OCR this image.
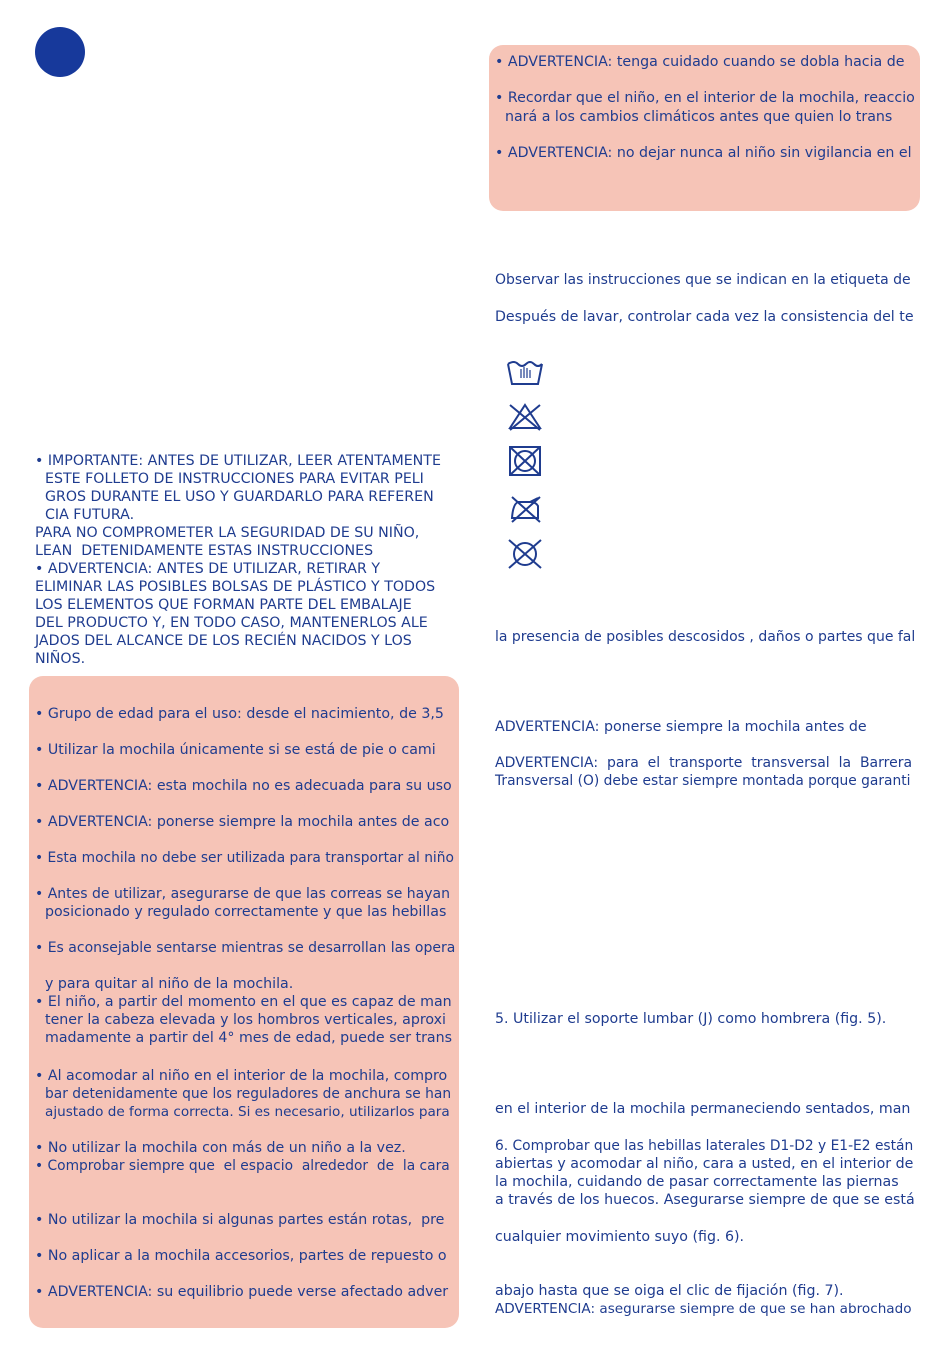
• ADVERTENCIA: tenga cuidado cuando se dobla hacia de
• Recordar que el niño, en el interior de la mochila, reaccio
nará a los cambios climáticos antes que quien lo trans
• ADVERTENCIA: no dejar nunca al niño sin vigilancia en el
Observar las instrucciones que se indican en la etiqueta de
Después de lavar, controlar cada vez la consistencia del te
la presencia de posibles descosidos , daños o partes que fal
ADVERTENCIA: ponerse siempre la mochila antes de
ADVERTENCIA:  para  el  transporte  transversal  la  Barrera
Transversal (O) debe estar siempre montada porque garanti
5. Utilizar el soporte lumbar (J) como hombrera (fig. 5).
en el interior de la mochila permaneciendo sentados, man
6. Comprobar que las hebillas laterales D1-D2 y E1-E2 están
abiertas y acomodar al niño, cara a usted, en el interior de
la mochila, cuidando de pasar correctamente las piernas
a través de los huecos. Asegurarse siempre de que se está
cualquier movimiento suyo (fig. 6).
abajo hasta que se oiga el clic de fijación (fig. 7).
ADVERTENCIA: asegurarse siempre de que se han abrochado
• IMPORTANTE: ANTES DE UTILIZAR, LEER ATENTAMENTE
ESTE FOLLETO DE INSTRUCCIONES PARA EVITAR PELI
GROS DURANTE EL USO Y GUARDARLO PARA REFEREN
CIA FUTURA.
PARA NO COMPROMETER LA SEGURIDAD DE SU NIÑO,
LEAN  DETENIDAMENTE ESTAS INSTRUCCIONES
• ADVERTENCIA: ANTES DE UTILIZAR, RETIRAR Y
ELIMINAR LAS POSIBLES BOLSAS DE PLÁSTICO Y TODOS
LOS ELEMENTOS QUE FORMAN PARTE DEL EMBALAJE
DEL PRODUCTO Y, EN TODO CASO, MANTENERLOS ALE
JADOS DEL ALCANCE DE LOS RECIÉN NACIDOS Y LOS
NIÑOS.
• Grupo de edad para el uso: desde el nacimiento, de 3,5
• Utilizar la mochila únicamente si se está de pie o cami
• ADVERTENCIA: esta mochila no es adecuada para su uso
• ADVERTENCIA: ponerse siempre la mochila antes de aco
• Esta mochila no debe ser utilizada para transportar al niño
• Antes de utilizar, asegurarse de que las correas se hayan
posicionado y regulado correctamente y que las hebillas
• Es aconsejable sentarse mientras se desarrollan las opera
y para quitar al niño de la mochila.
• El niño, a partir del momento en el que es capaz de man
tener la cabeza elevada y los hombros verticales, aproxi
madamente a partir del 4° mes de edad, puede ser trans
• Al acomodar al niño en el interior de la mochila, compro
bar detenidamente que los reguladores de anchura se han
ajustado de forma correcta. Si es necesario, utilizarlos para
• No utilizar la mochila con más de un niño a la vez.
• Comprobar siempre que  el espacio  alrededor  de  la cara
• No utilizar la mochila si algunas partes están rotas,  pre
• No aplicar a la mochila accesorios, partes de repuesto o
• ADVERTENCIA: su equilibrio puede verse afectado adver
